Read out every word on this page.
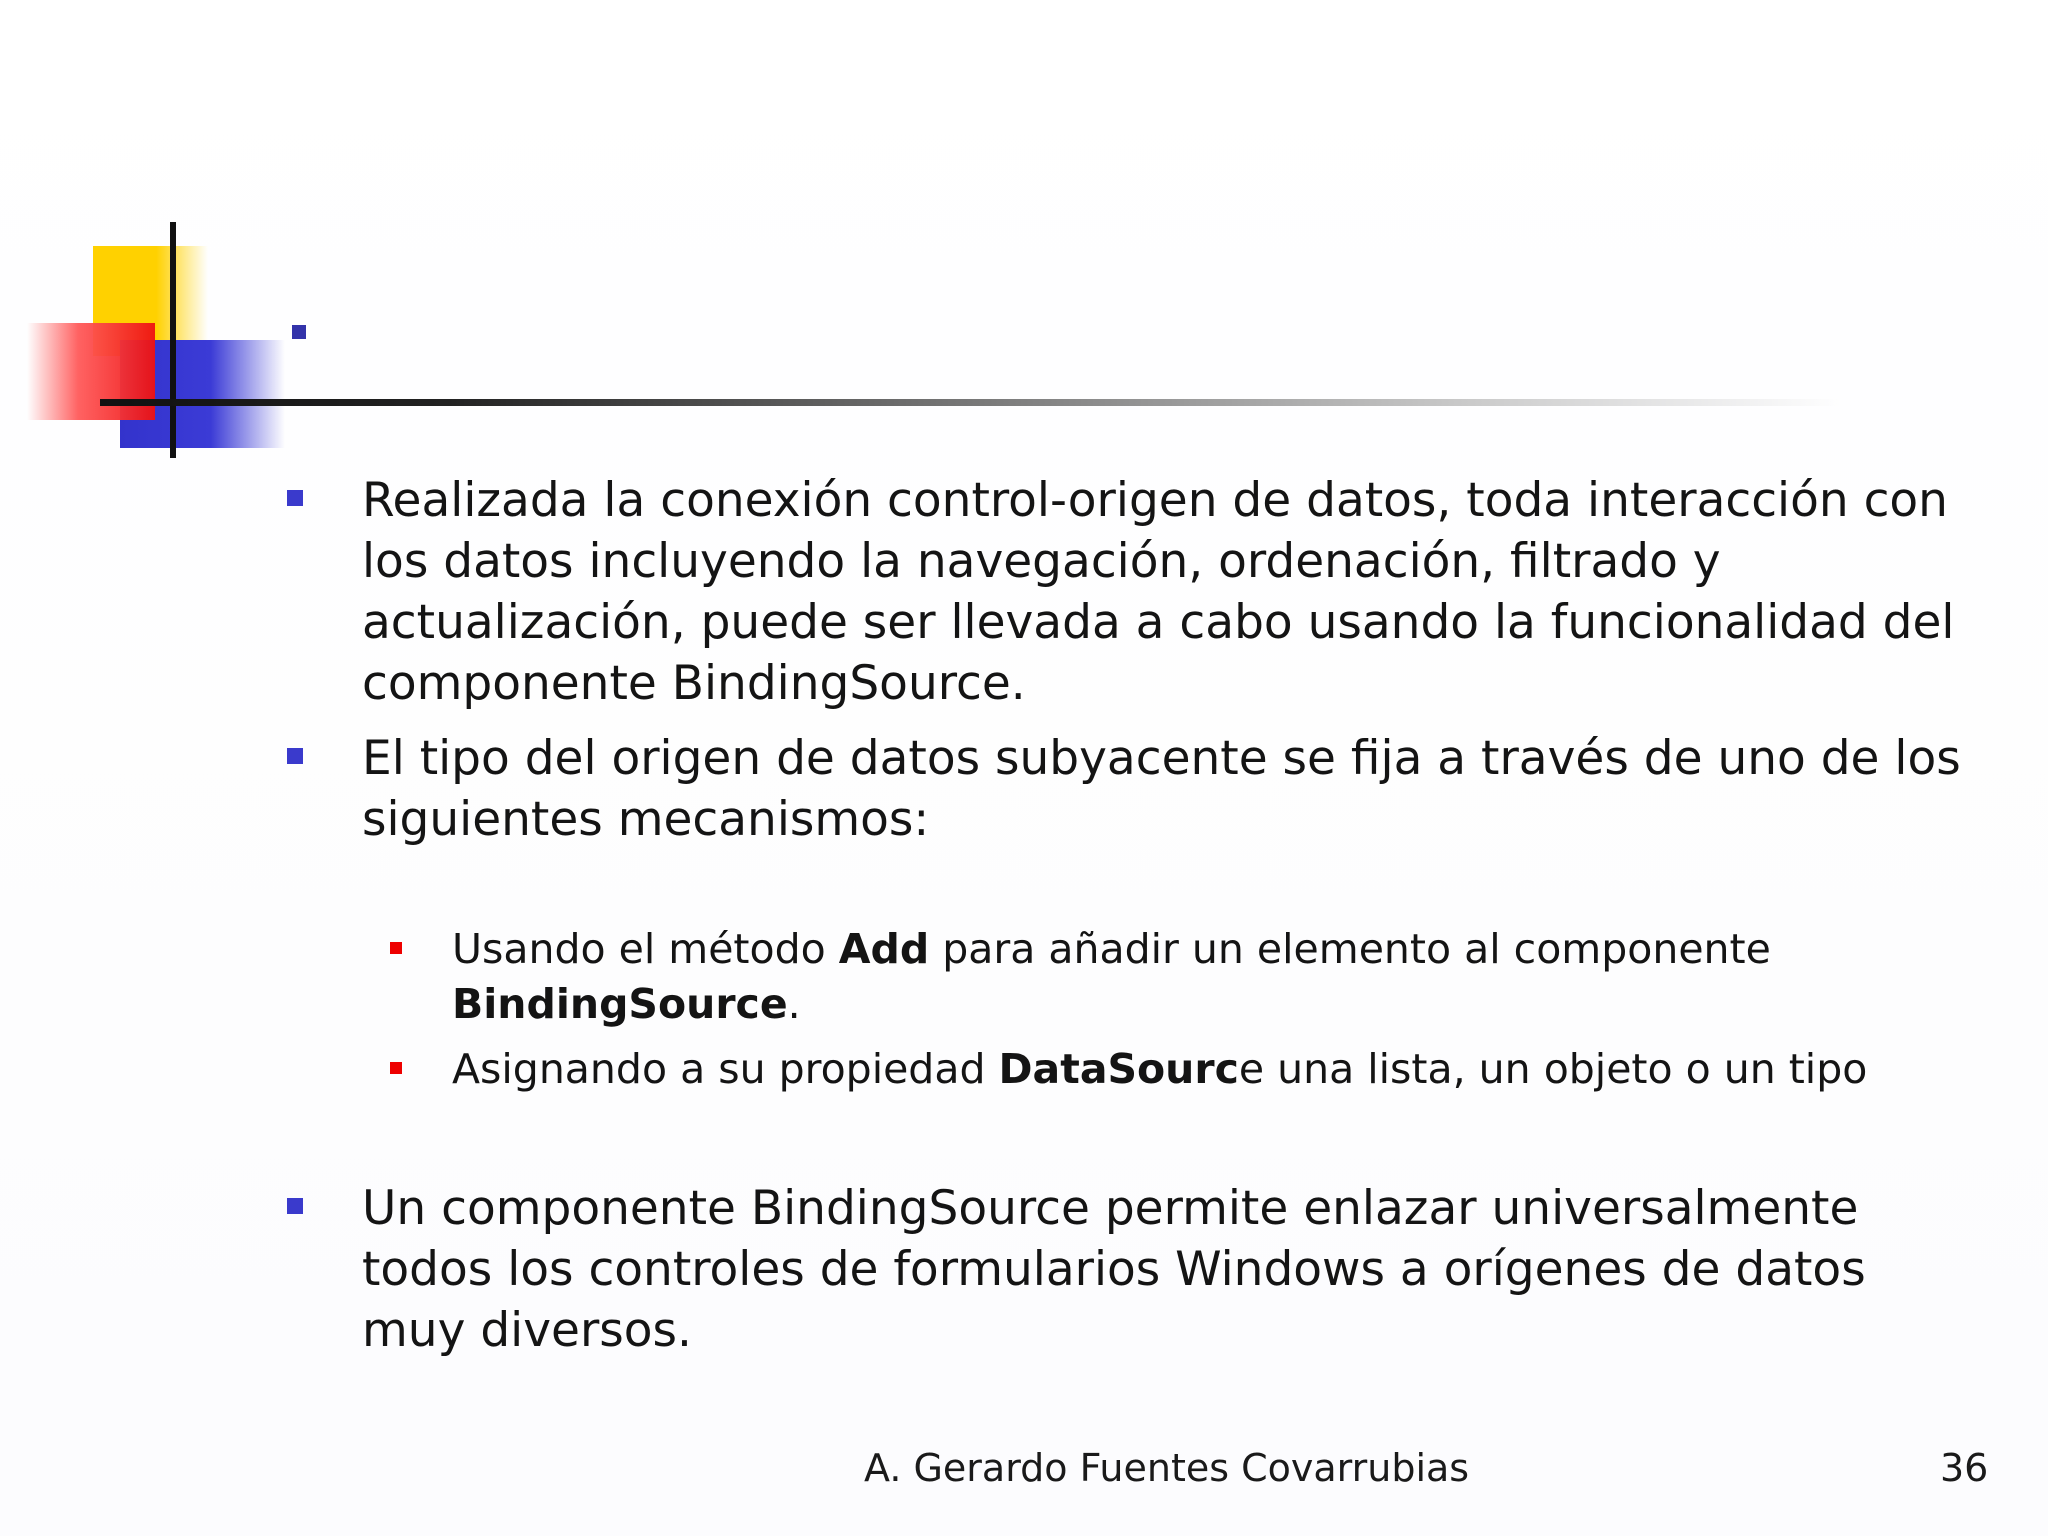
Realizada la conexión control-origen de datos, toda interacción con los datos incluyendo la navegación, ordenación, filtrado y actualización, puede ser llevada a cabo usando la funcionalidad del componente BindingSource.
El tipo del origen de datos subyacente se fija a través de uno de los siguientes mecanismos:
Usando el método Add para añadir un elemento al componente BindingSource.
Asignando a su propiedad DataSource una lista, un objeto o un tipo
Un componente BindingSource permite enlazar universalmente todos los controles de formularios Windows a orígenes de datos muy diversos.
A. Gerardo Fuentes Covarrubias	36
